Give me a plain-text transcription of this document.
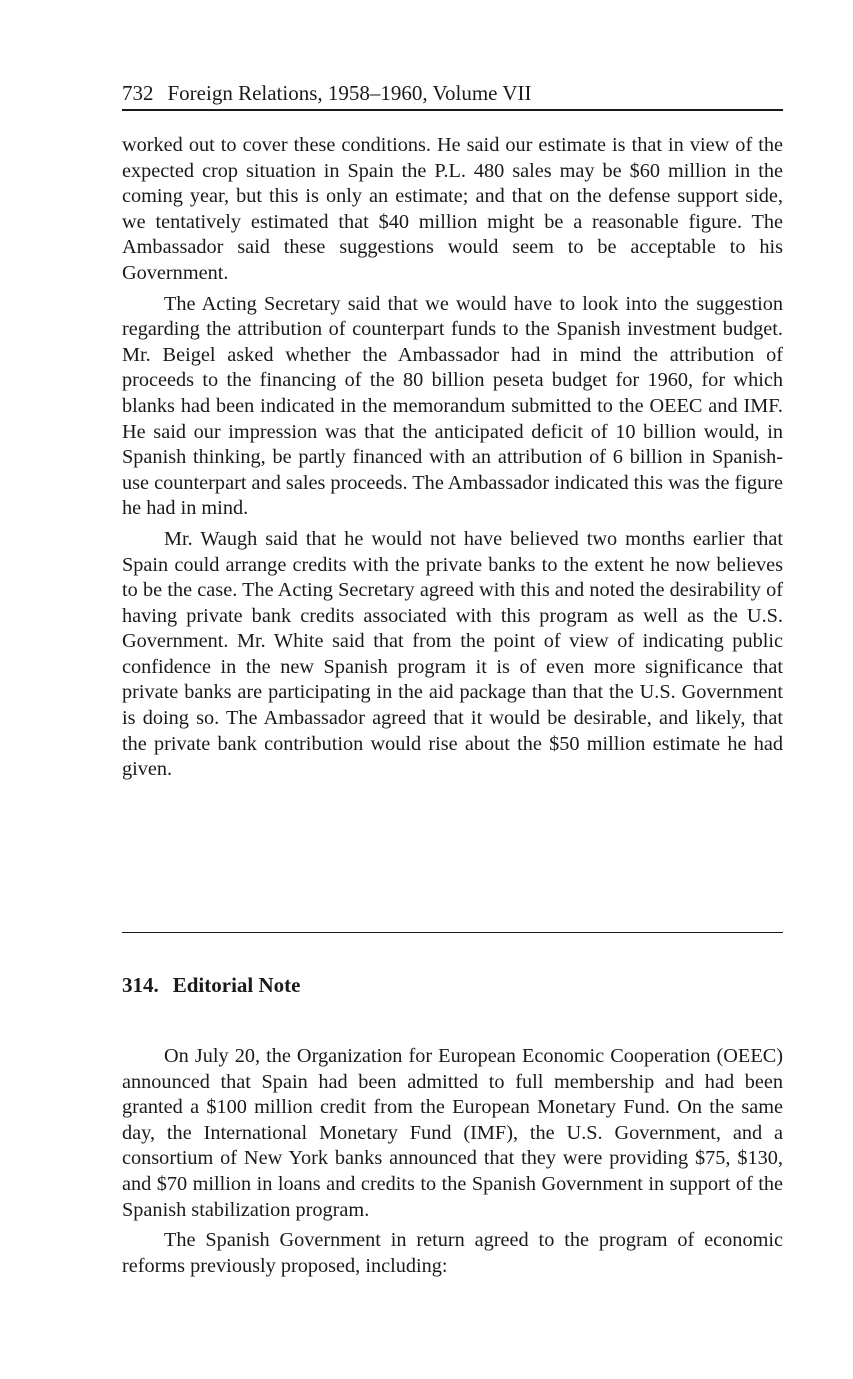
732 Foreign Relations, 1958–1960, Volume VII

worked out to cover these conditions. He said our estimate is that in view of the expected crop situation in Spain the P.L. 480 sales may be $60 million in the coming year, but this is only an estimate; and that on the defense support side, we tentatively estimated that $40 million might be a reasonable figure. The Ambassador said these suggestions would seem to be acceptable to his Government.

The Acting Secretary said that we would have to look into the suggestion regarding the attribution of counterpart funds to the Spanish investment budget. Mr. Beigel asked whether the Ambassador had in mind the attribution of proceeds to the financing of the 80 billion peseta budget for 1960, for which blanks had been indicated in the memorandum submitted to the OEEC and IMF. He said our impression was that the anticipated deficit of 10 billion would, in Spanish thinking, be partly financed with an attribution of 6 billion in Spanish-use counterpart and sales proceeds. The Ambassador indicated this was the figure he had in mind.

Mr. Waugh said that he would not have believed two months earlier that Spain could arrange credits with the private banks to the extent he now believes to be the case. The Acting Secretary agreed with this and noted the desirability of having private bank credits associated with this program as well as the U.S. Government. Mr. White said that from the point of view of indicating public confidence in the new Spanish program it is of even more significance that private banks are participating in the aid package than that the U.S. Government is doing so. The Ambassador agreed that it would be desirable, and likely, that the private bank contribution would rise about the $50 million estimate he had given.

314. Editorial Note

On July 20, the Organization for European Economic Cooperation (OEEC) announced that Spain had been admitted to full membership and had been granted a $100 million credit from the European Monetary Fund. On the same day, the International Monetary Fund (IMF), the U.S. Government, and a consortium of New York banks announced that they were providing $75, $130, and $70 million in loans and credits to the Spanish Government in support of the Spanish stabilization program.

The Spanish Government in return agreed to the program of economic reforms previously proposed, including:
